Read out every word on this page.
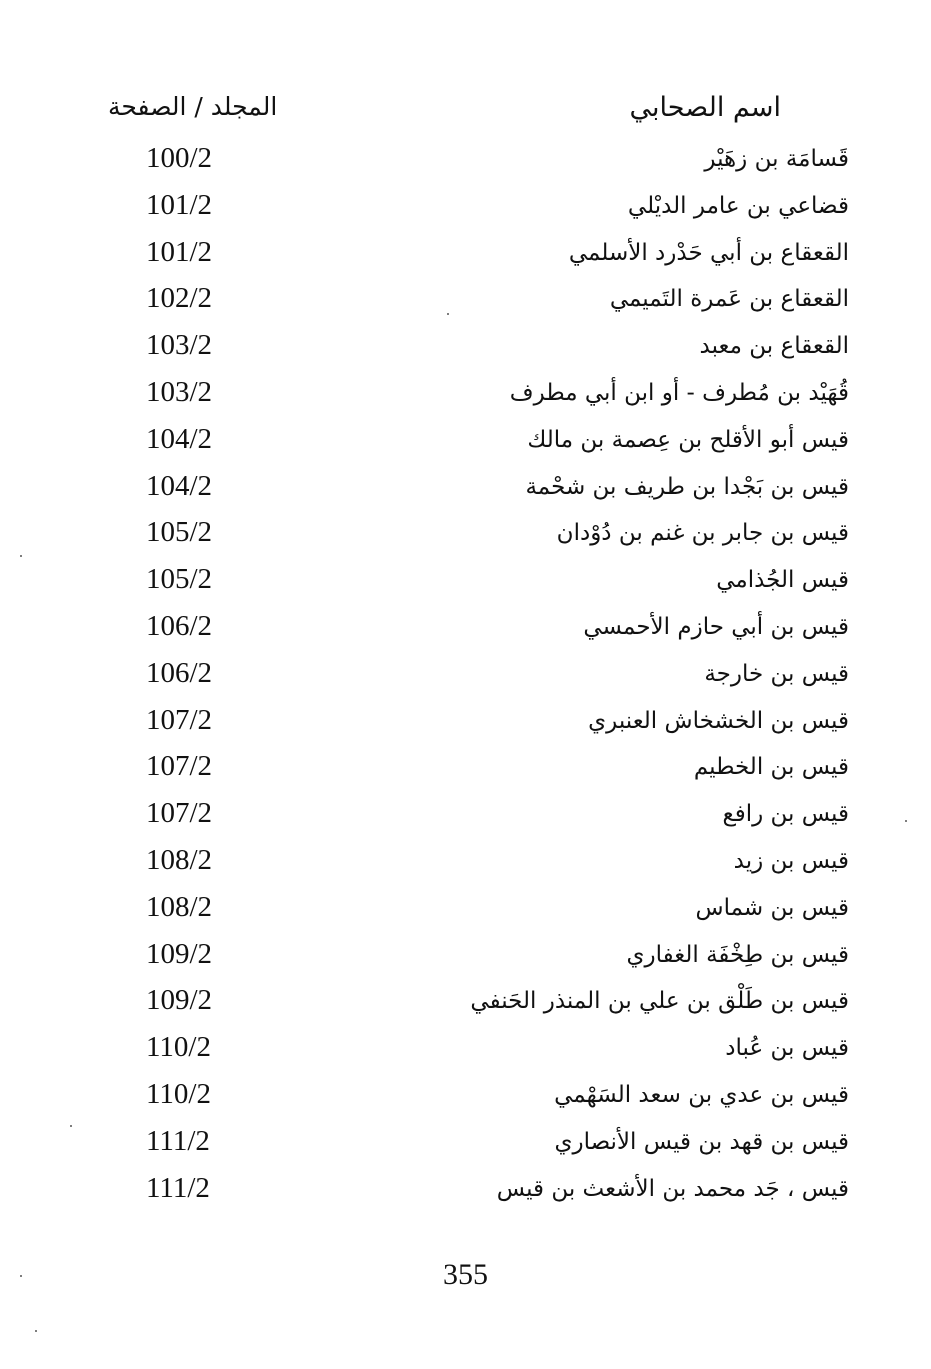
اسم الصحابي
المجلد / الصفحة
قَسامَة بن زهَيْر
100/2
قضاعي بن عامر الديْلي
101/2
القعقاع بن أبي حَدْرد الأسلمي
101/2
القعقاع بن عَمرة التَميمي
102/2
القعقاع بن معبد
103/2
قُهَيْد بن مُطرف - أو ابن أبي مطرف
103/2
قيس أبو الأقلح بن عِصمة بن مالك
104/2
قيس بن بَجْدا بن طريف بن شحْمة
104/2
قيس بن جابر بن غنم بن دُوْدان
105/2
قيس الجُذامي
105/2
قيس بن أبي حازم الأحمسي
106/2
قيس بن خارجة
106/2
قيس بن الخشخاش العنبري
107/2
قيس بن الخطيم
107/2
قيس بن رافع
107/2
قيس بن زيد
108/2
قيس بن شماس
108/2
قيس بن طِخْفَة الغفاري
109/2
قيس بن طَلْق بن علي بن المنذر الحَنفي
109/2
قيس بن عُباد
110/2
قيس بن عدي بن سعد السَهْمي
110/2
قيس بن قهد بن قيس الأنصاري
111/2
قيس ، جَد محمد بن الأشعث بن قيس
111/2
355
